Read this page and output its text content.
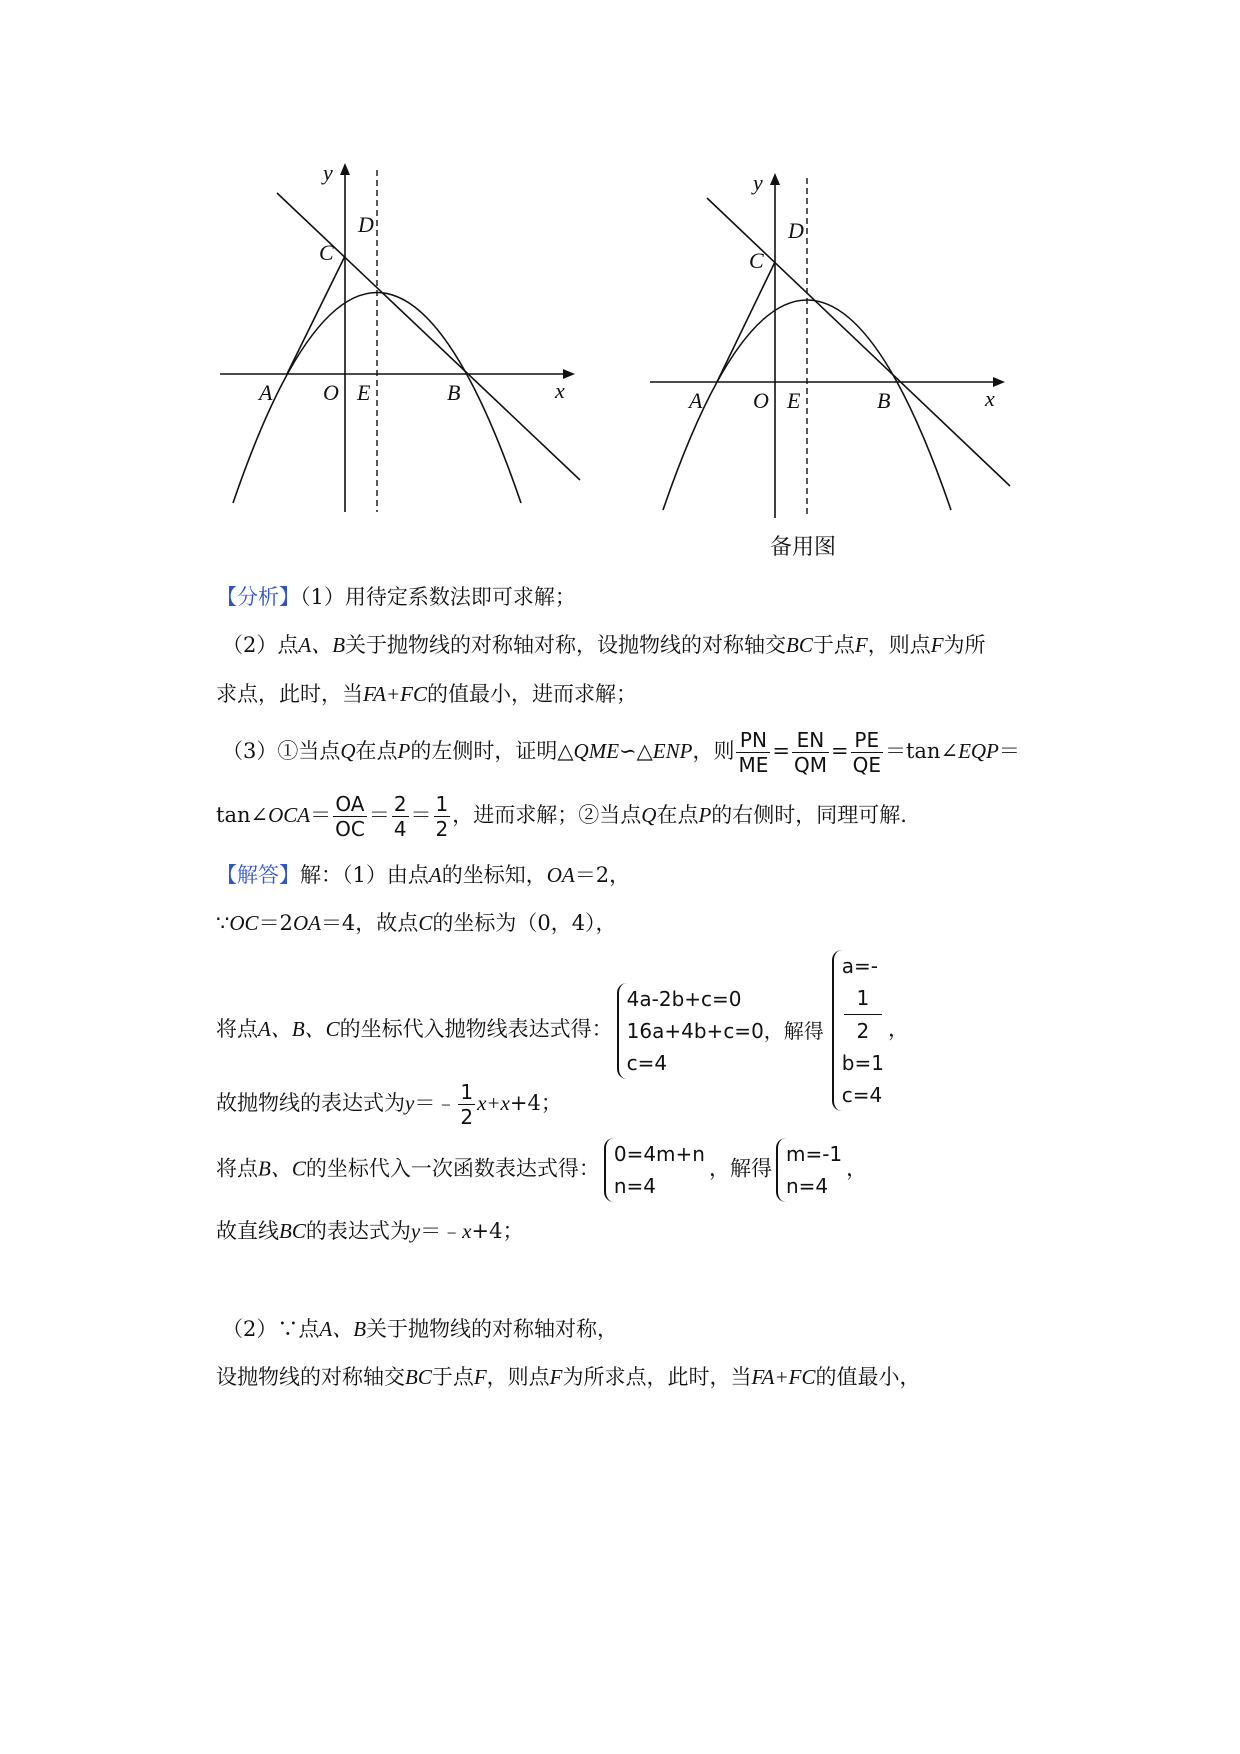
y
x
D
C
A O E	B
y
x
D
C
A O E	B
备用图
【分析】（1）用待定系数法即可求解；
（2）点A、B关于抛物线的对称轴对称，设抛物线的对称轴交BC于点F，则点F为所
求点，此时，当FA+FC的值最小，进而求解；
（3）①当点Q在点P的左侧时，证明△QME∽△ENP，则 $\frac{PN}{ME} = \frac{EN}{QM} = \frac{PE}{QE}$ ＝tan∠EQP＝
tan∠OCA＝ $\frac{OA}{OC} = \frac{2}{4} = \frac{1}{2}$ ，进而求解；②当点Q在点P的右侧时，同理可解.
【解答】解：（1）由点A的坐标知，OA＝2，
∵OC＝2OA＝4，故点C的坐标为（0，4），
将点A、B、C的坐标代入抛物线表达式得：
4a-2b+c=0
16a+4b+c=0，解得
c=4
a=-
1
2
b=1
c=4
，
故抛物线的表达式为y＝﹣ $\frac{1}{2} x+x+4$；
将点B、C的坐标代入一次函数表达式得：
0=4m+n
n=4
，解得
m=-1
n=4
，
故直线BC的表达式为y＝﹣x+4；
（2）∵点A、B关于抛物线的对称轴对称，
设抛物线的对称轴交BC于点F，则点F为所求点，此时，当FA+FC的值最小，
